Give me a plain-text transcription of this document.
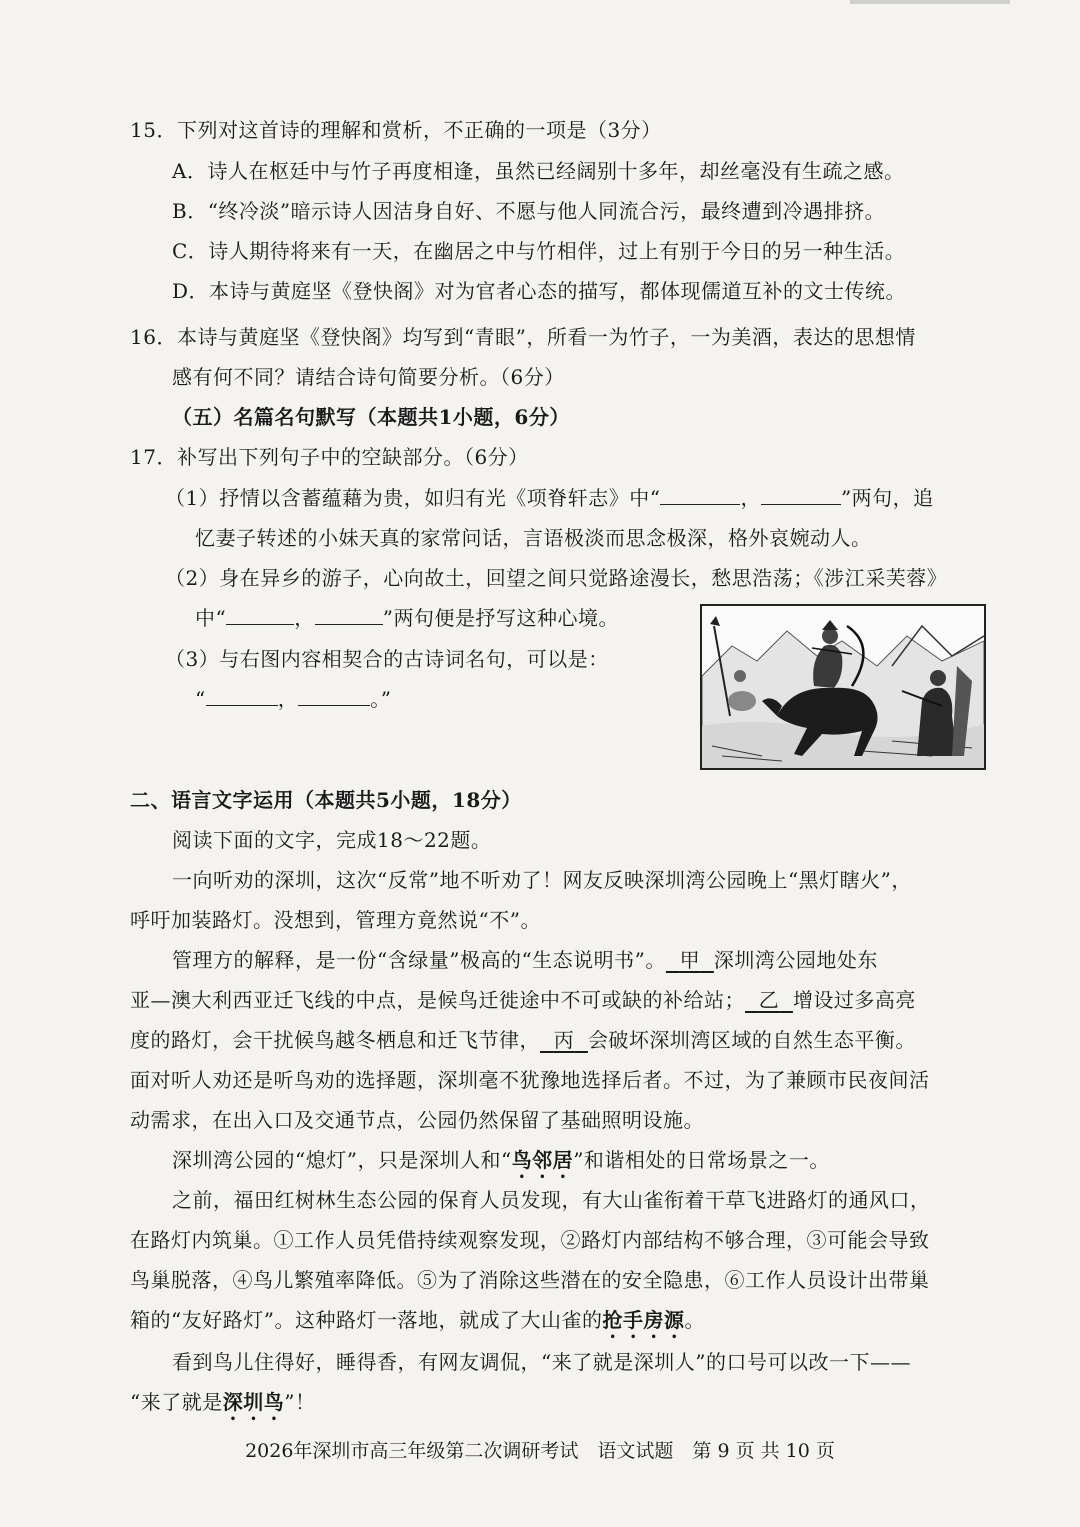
15．下列对这首诗的理解和赏析，不正确的一项是（3分）
A．诗人在枢廷中与竹子再度相逢，虽然已经阔别十多年，却丝毫没有生疏之感。
B．“终冷淡”暗示诗人因洁身自好、不愿与他人同流合污，最终遭到冷遇排挤。
C．诗人期待将来有一天，在幽居之中与竹相伴，过上有别于今日的另一种生活。
D．本诗与黄庭坚《登快阁》对为官者心态的描写，都体现儒道互补的文士传统。
16．本诗与黄庭坚《登快阁》均写到“青眼”，所看一为竹子，一为美酒，表达的思想情
感有何不同？请结合诗句简要分析。（6分）
（五）名篇名句默写（本题共1小题，6分）
17．补写出下列句子中的空缺部分。（6分）
（1）抒情以含蓄蕴藉为贵，如归有光《项脊轩志》中“	，	”两句，追
忆妻子转述的小妹天真的家常问话，言语极淡而思念极深，格外哀婉动人。
（2）身在异乡的游子，心向故土，回望之间只觉路途漫长，愁思浩荡；《涉江采芙蓉》
中“	，	”两句便是抒写这种心境。
（3）与右图内容相契合的古诗词名句，可以是：
“	，	。”
二、语言文字运用（本题共5小题，18分）
阅读下面的文字，完成18～22题。
一向听劝的深圳，这次“反常”地不听劝了！网友反映深圳湾公园晚上“黑灯瞎火”，
呼吁加装路灯。没想到，管理方竟然说“不”。
管理方的解释，是一份“含绿量”极高的“生态说明书”。 甲 深圳湾公园地处东
亚—澳大利西亚迁飞线的中点，是候鸟迁徙途中不可或缺的补给站； 乙 增设过多高亮
度的路灯，会干扰候鸟越冬栖息和迁飞节律， 丙 会破坏深圳湾区域的自然生态平衡。
面对听人劝还是听鸟劝的选择题，深圳毫不犹豫地选择后者。不过，为了兼顾市民夜间活
动需求，在出入口及交通节点，公园仍然保留了基础照明设施。
深圳湾公园的“熄灯”，只是深圳人和“鸟邻居”和谐相处的日常场景之一。
之前，福田红树林生态公园的保育人员发现，有大山雀衔着干草飞进路灯的通风口，
在路灯内筑巢。①工作人员凭借持续观察发现，②路灯内部结构不够合理，③可能会导致
鸟巢脱落，④鸟儿繁殖率降低。⑤为了消除这些潜在的安全隐患，⑥工作人员设计出带巢
箱的“友好路灯”。这种路灯一落地，就成了大山雀的抢手房源。
看到鸟儿住得好，睡得香，有网友调侃，“来了就是深圳人”的口号可以改一下——
“来了就是深圳鸟”！
2026年深圳市高三年级第二次调研考试　语文试题　第 9 页 共 10 页
